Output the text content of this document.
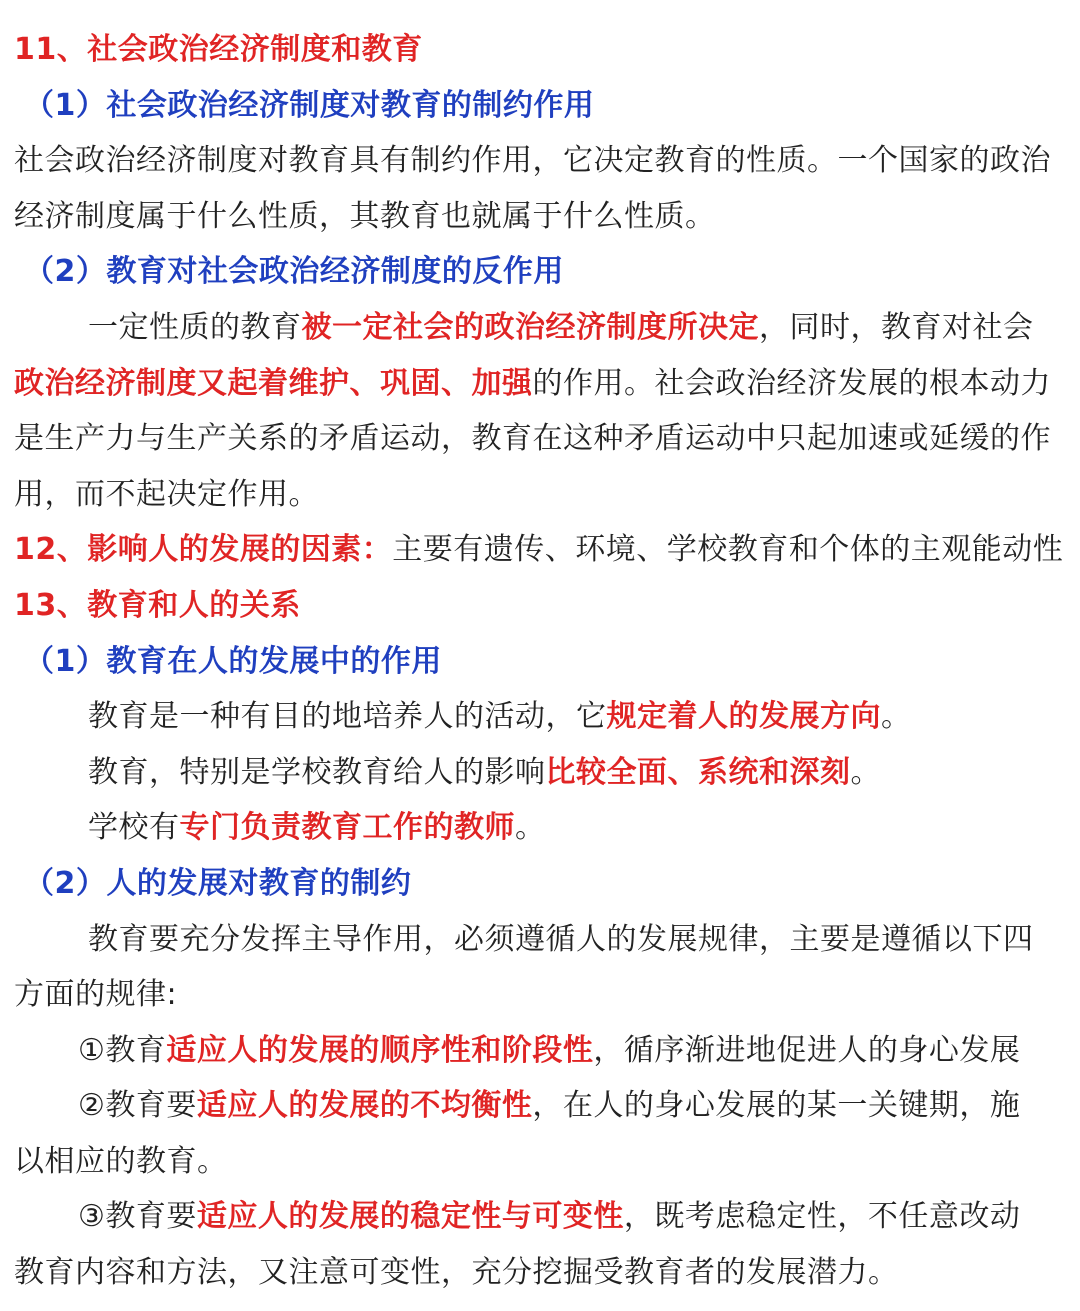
11、社会政治经济制度和教育
（1）社会政治经济制度对教育的制约作用
社会政治经济制度对教育具有制约作用，它决定教育的性质。一个国家的政治
经济制度属于什么性质，其教育也就属于什么性质。
（2）教育对社会政治经济制度的反作用
一定性质的教育被一定社会的政治经济制度所决定，同时，教育对社会
政治经济制度又起着维护、巩固、加强的作用。社会政治经济发展的根本动力
是生产力与生产关系的矛盾运动，教育在这种矛盾运动中只起加速或延缓的作
用，而不起决定作用。
12、影响人的发展的因素：主要有遗传、环境、学校教育和个体的主观能动性
13、教育和人的关系
（1）教育在人的发展中的作用
教育是一种有目的地培养人的活动，它规定着人的发展方向。
教育，特别是学校教育给人的影响比较全面、系统和深刻。
学校有专门负责教育工作的教师。
（2）人的发展对教育的制约
教育要充分发挥主导作用，必须遵循人的发展规律，主要是遵循以下四
方面的规律:
①教育适应人的发展的顺序性和阶段性，循序渐进地促进人的身心发展
②教育要适应人的发展的不均衡性，在人的身心发展的某一关键期，施
以相应的教育。
③教育要适应人的发展的稳定性与可变性，既考虑稳定性，不任意改动
教育内容和方法，又注意可变性，充分挖掘受教育者的发展潜力。
